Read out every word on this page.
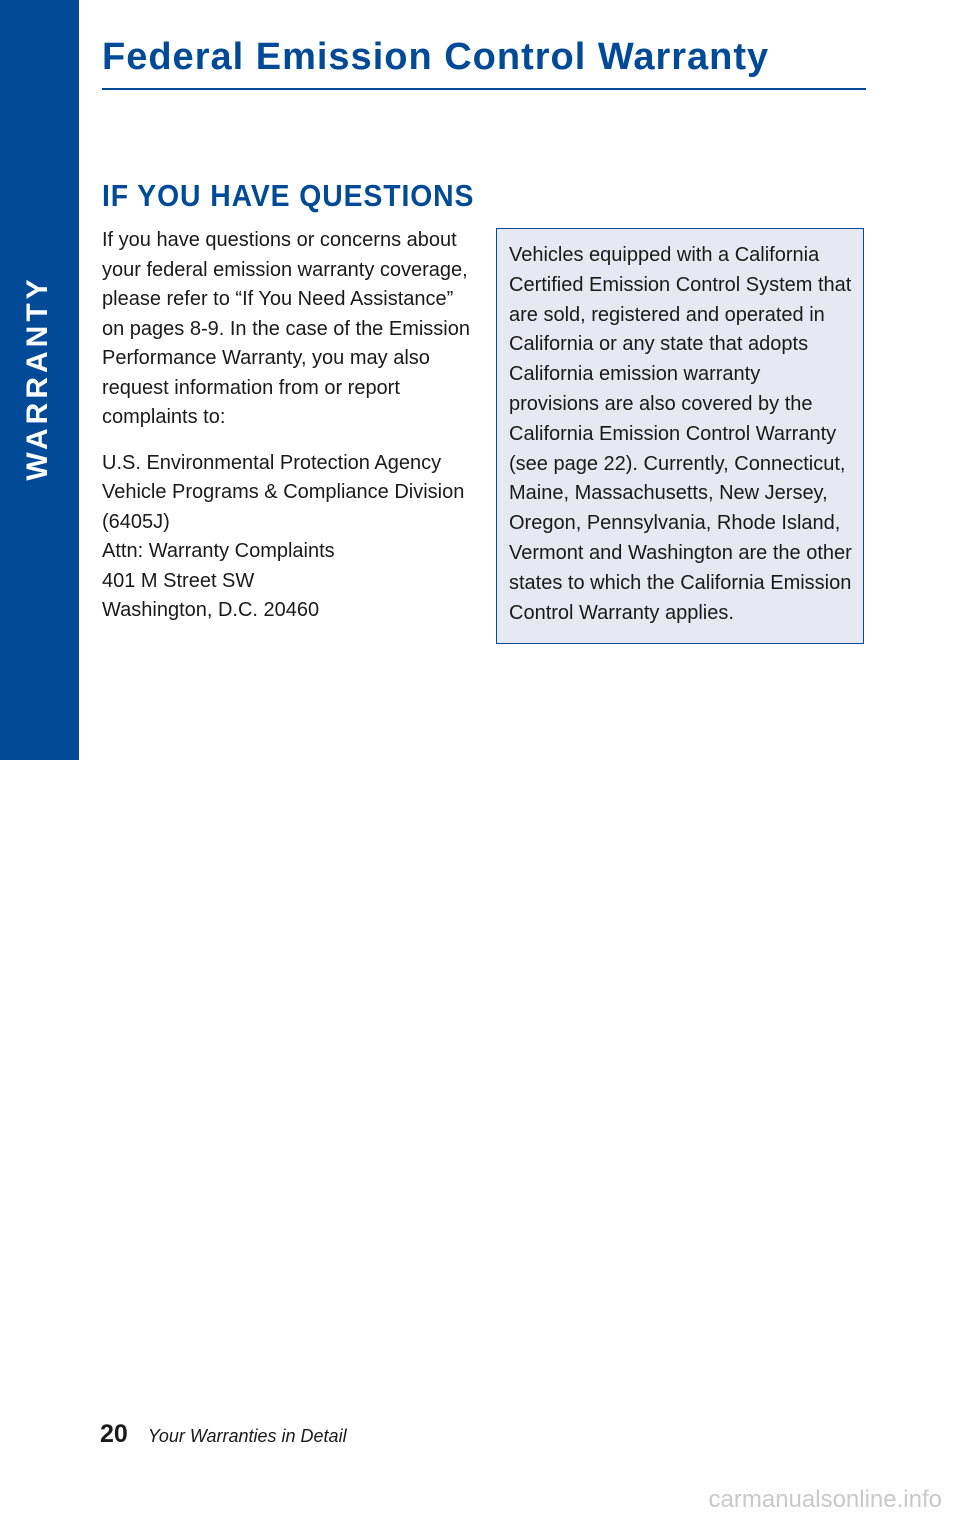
WARRANTY
Federal Emission Control Warranty
IF YOU HAVE QUESTIONS

If you have questions or concerns about your federal emission warranty coverage, please refer to “If You Need Assistance” on pages 8-9. In the case of the Emission Performance Warranty, you may also request information from or report complaints to:

U.S. Environmental Protection Agency
Vehicle Programs & Compliance Division
(6405J)
Attn: Warranty Complaints
401 M Street SW
Washington, D.C. 20460

Vehicles equipped with a California Certified Emission Control System that are sold, registered and operated in California or any state that adopts California emission warranty provisions are also covered by the California Emission Control Warranty (see page 22). Currently, Connecticut, Maine, Massachusetts, New Jersey, Oregon, Pennsylvania, Rhode Island, Vermont and Washington are the other states to which the California Emission Control Warranty applies.

20 Your Warranties in Detail
carmanualsonline.info
